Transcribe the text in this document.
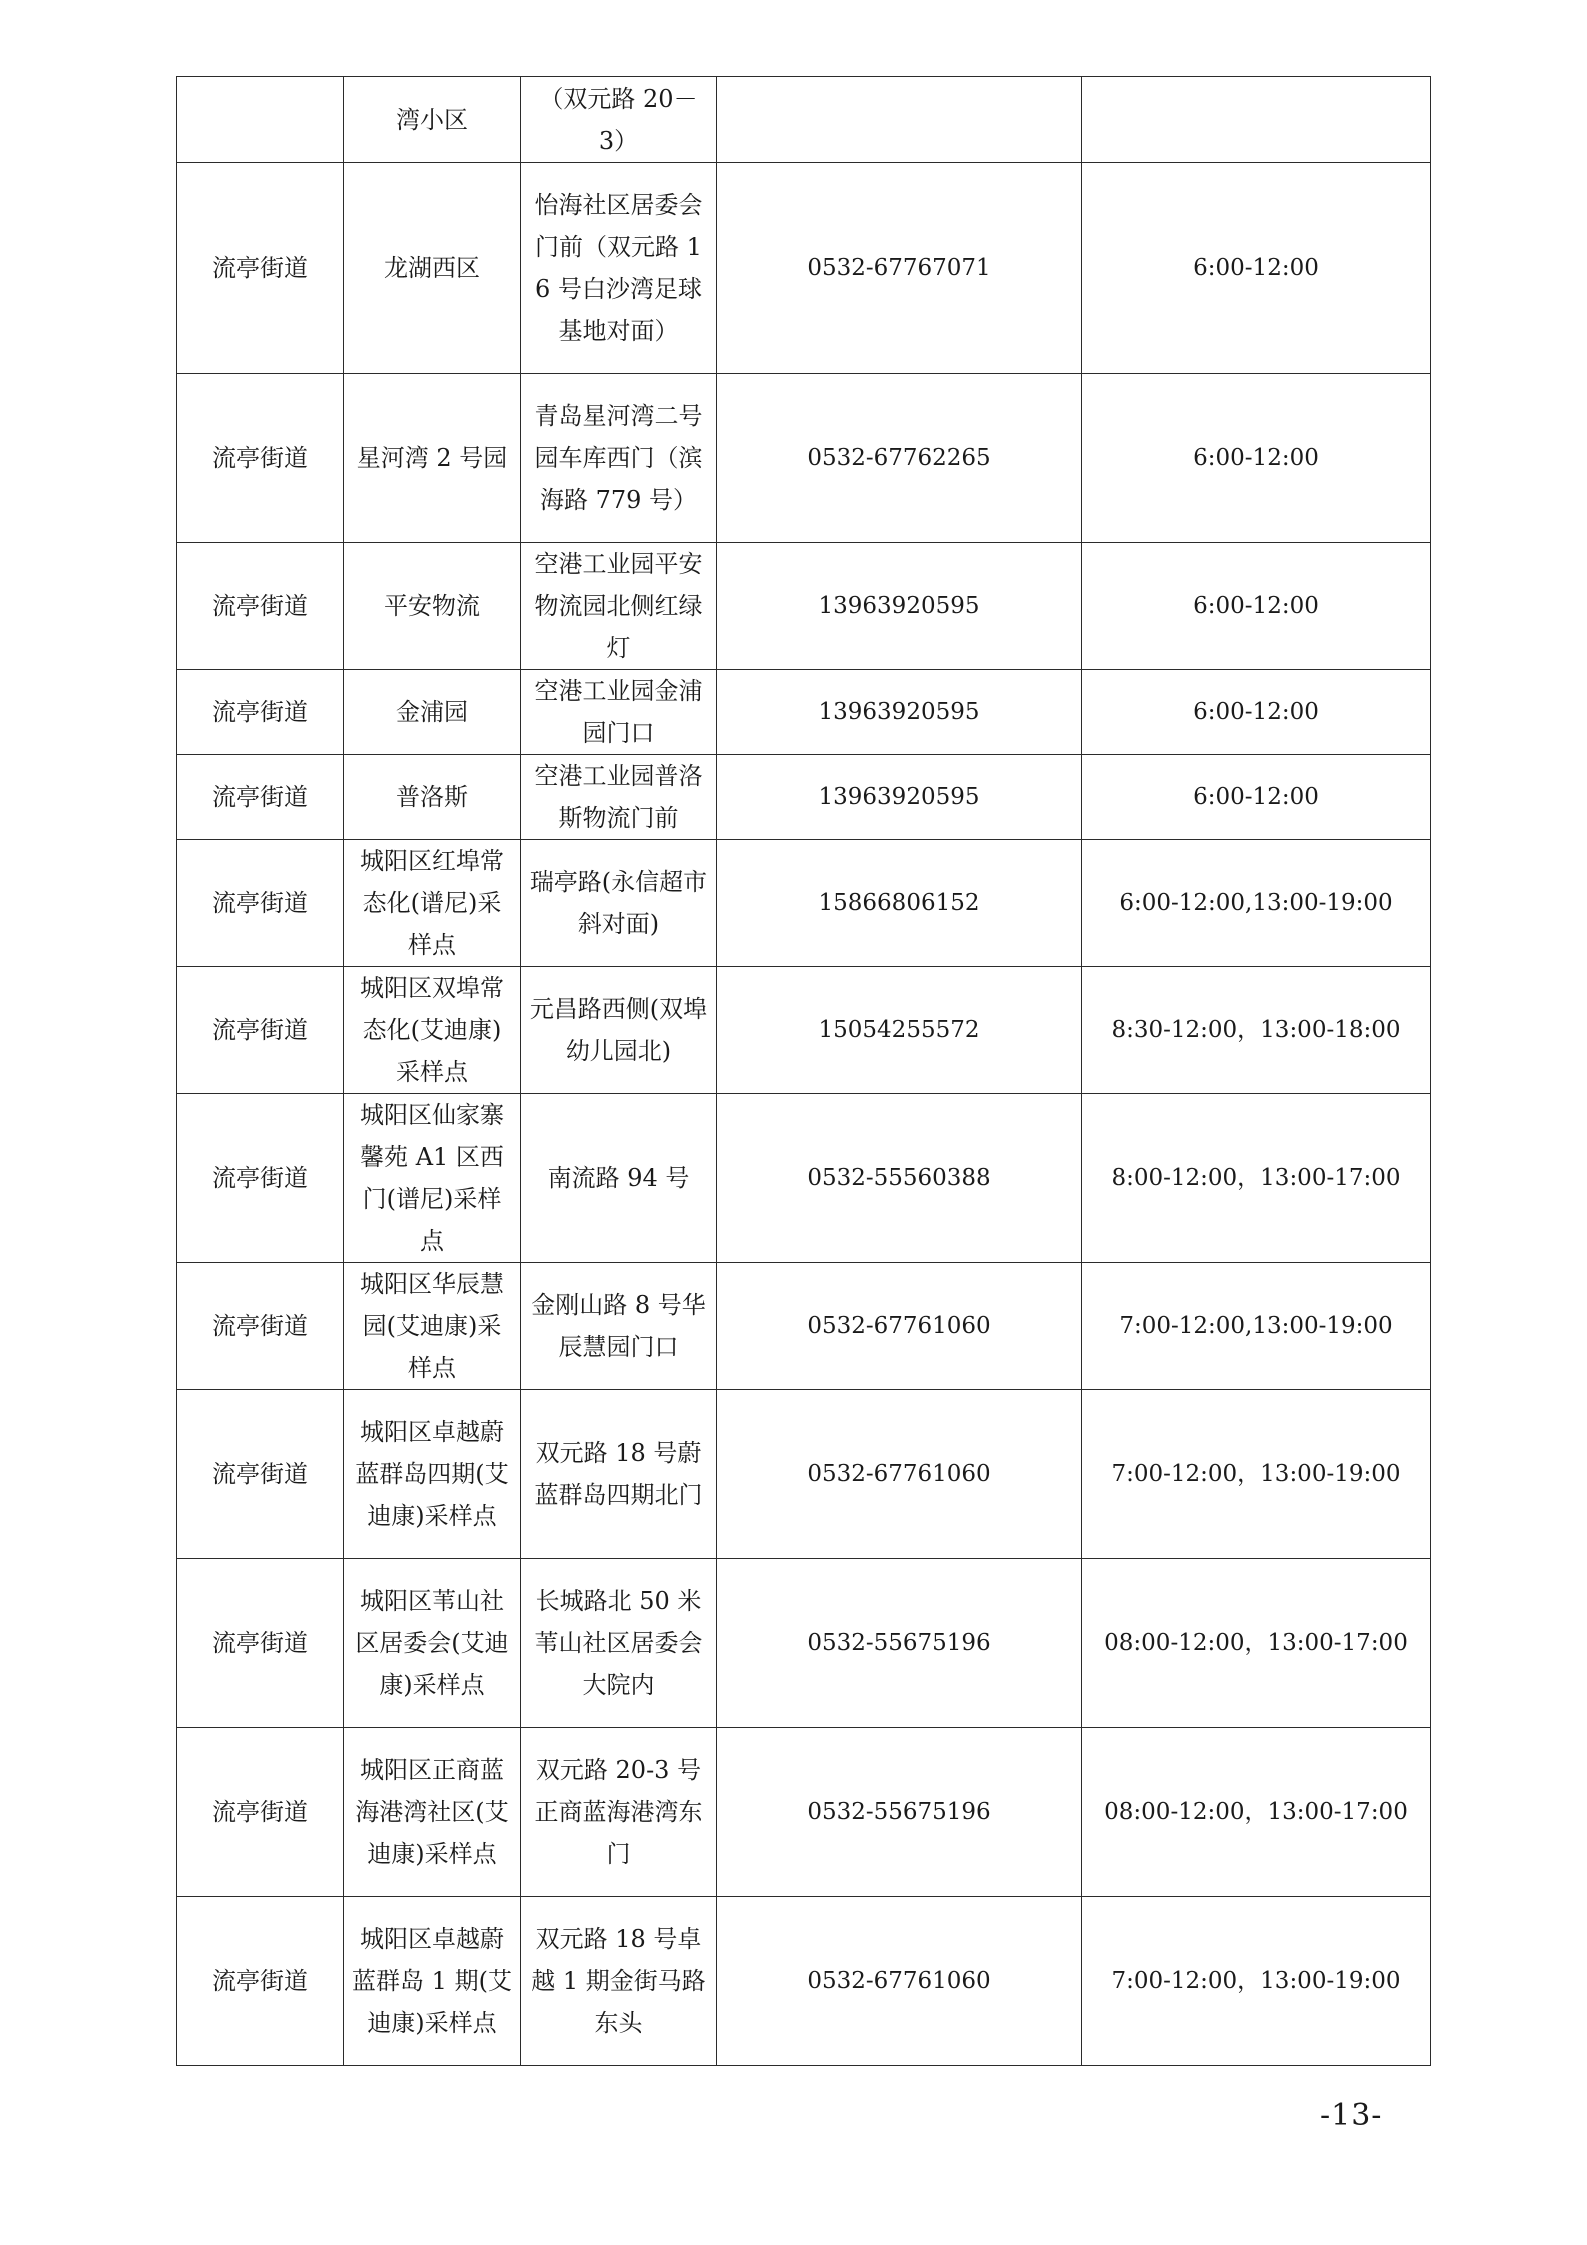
	湾小区	（双元路 20－3）		
流亭街道	龙湖西区	怡海社区居委会门前（双元路 16 号白沙湾足球基地对面）	0532-67767071	6:00-12:00
流亭街道	星河湾 2 号园	青岛星河湾二号园车库西门（滨海路 779 号）	0532-67762265	6:00-12:00
流亭街道	平安物流	空港工业园平安物流园北侧红绿灯	13963920595	6:00-12:00
流亭街道	金浦园	空港工业园金浦园门口	13963920595	6:00-12:00
流亭街道	普洛斯	空港工业园普洛斯物流门前	13963920595	6:00-12:00
流亭街道	城阳区红埠常态化(谱尼)采样点	瑞亭路(永信超市斜对面)	15866806152	6:00-12:00,13:00-19:00
流亭街道	城阳区双埠常态化(艾迪康)采样点	元昌路西侧(双埠幼儿园北)	15054255572	8:30-12:00，13:00-18:00
流亭街道	城阳区仙家寨馨苑 A1 区西门(谱尼)采样点	南流路 94 号	0532-55560388	8:00-12:00，13:00-17:00
流亭街道	城阳区华辰慧园(艾迪康)采样点	金刚山路 8 号华辰慧园门口	0532-67761060	7:00-12:00,13:00-19:00
流亭街道	城阳区卓越蔚蓝群岛四期(艾迪康)采样点	双元路 18 号蔚蓝群岛四期北门	0532-67761060	7:00-12:00，13:00-19:00
流亭街道	城阳区苇山社区居委会(艾迪康)采样点	长城路北 50 米苇山社区居委会大院内	0532-55675196	08:00-12:00，13:00-17:00
流亭街道	城阳区正商蓝海港湾社区(艾迪康)采样点	双元路 20-3 号正商蓝海港湾东门	0532-55675196	08:00-12:00，13:00-17:00
流亭街道	城阳区卓越蔚蓝群岛 1 期(艾迪康)采样点	双元路 18 号卓越 1 期金街马路东头	0532-67761060	7:00-12:00，13:00-19:00
-13-
